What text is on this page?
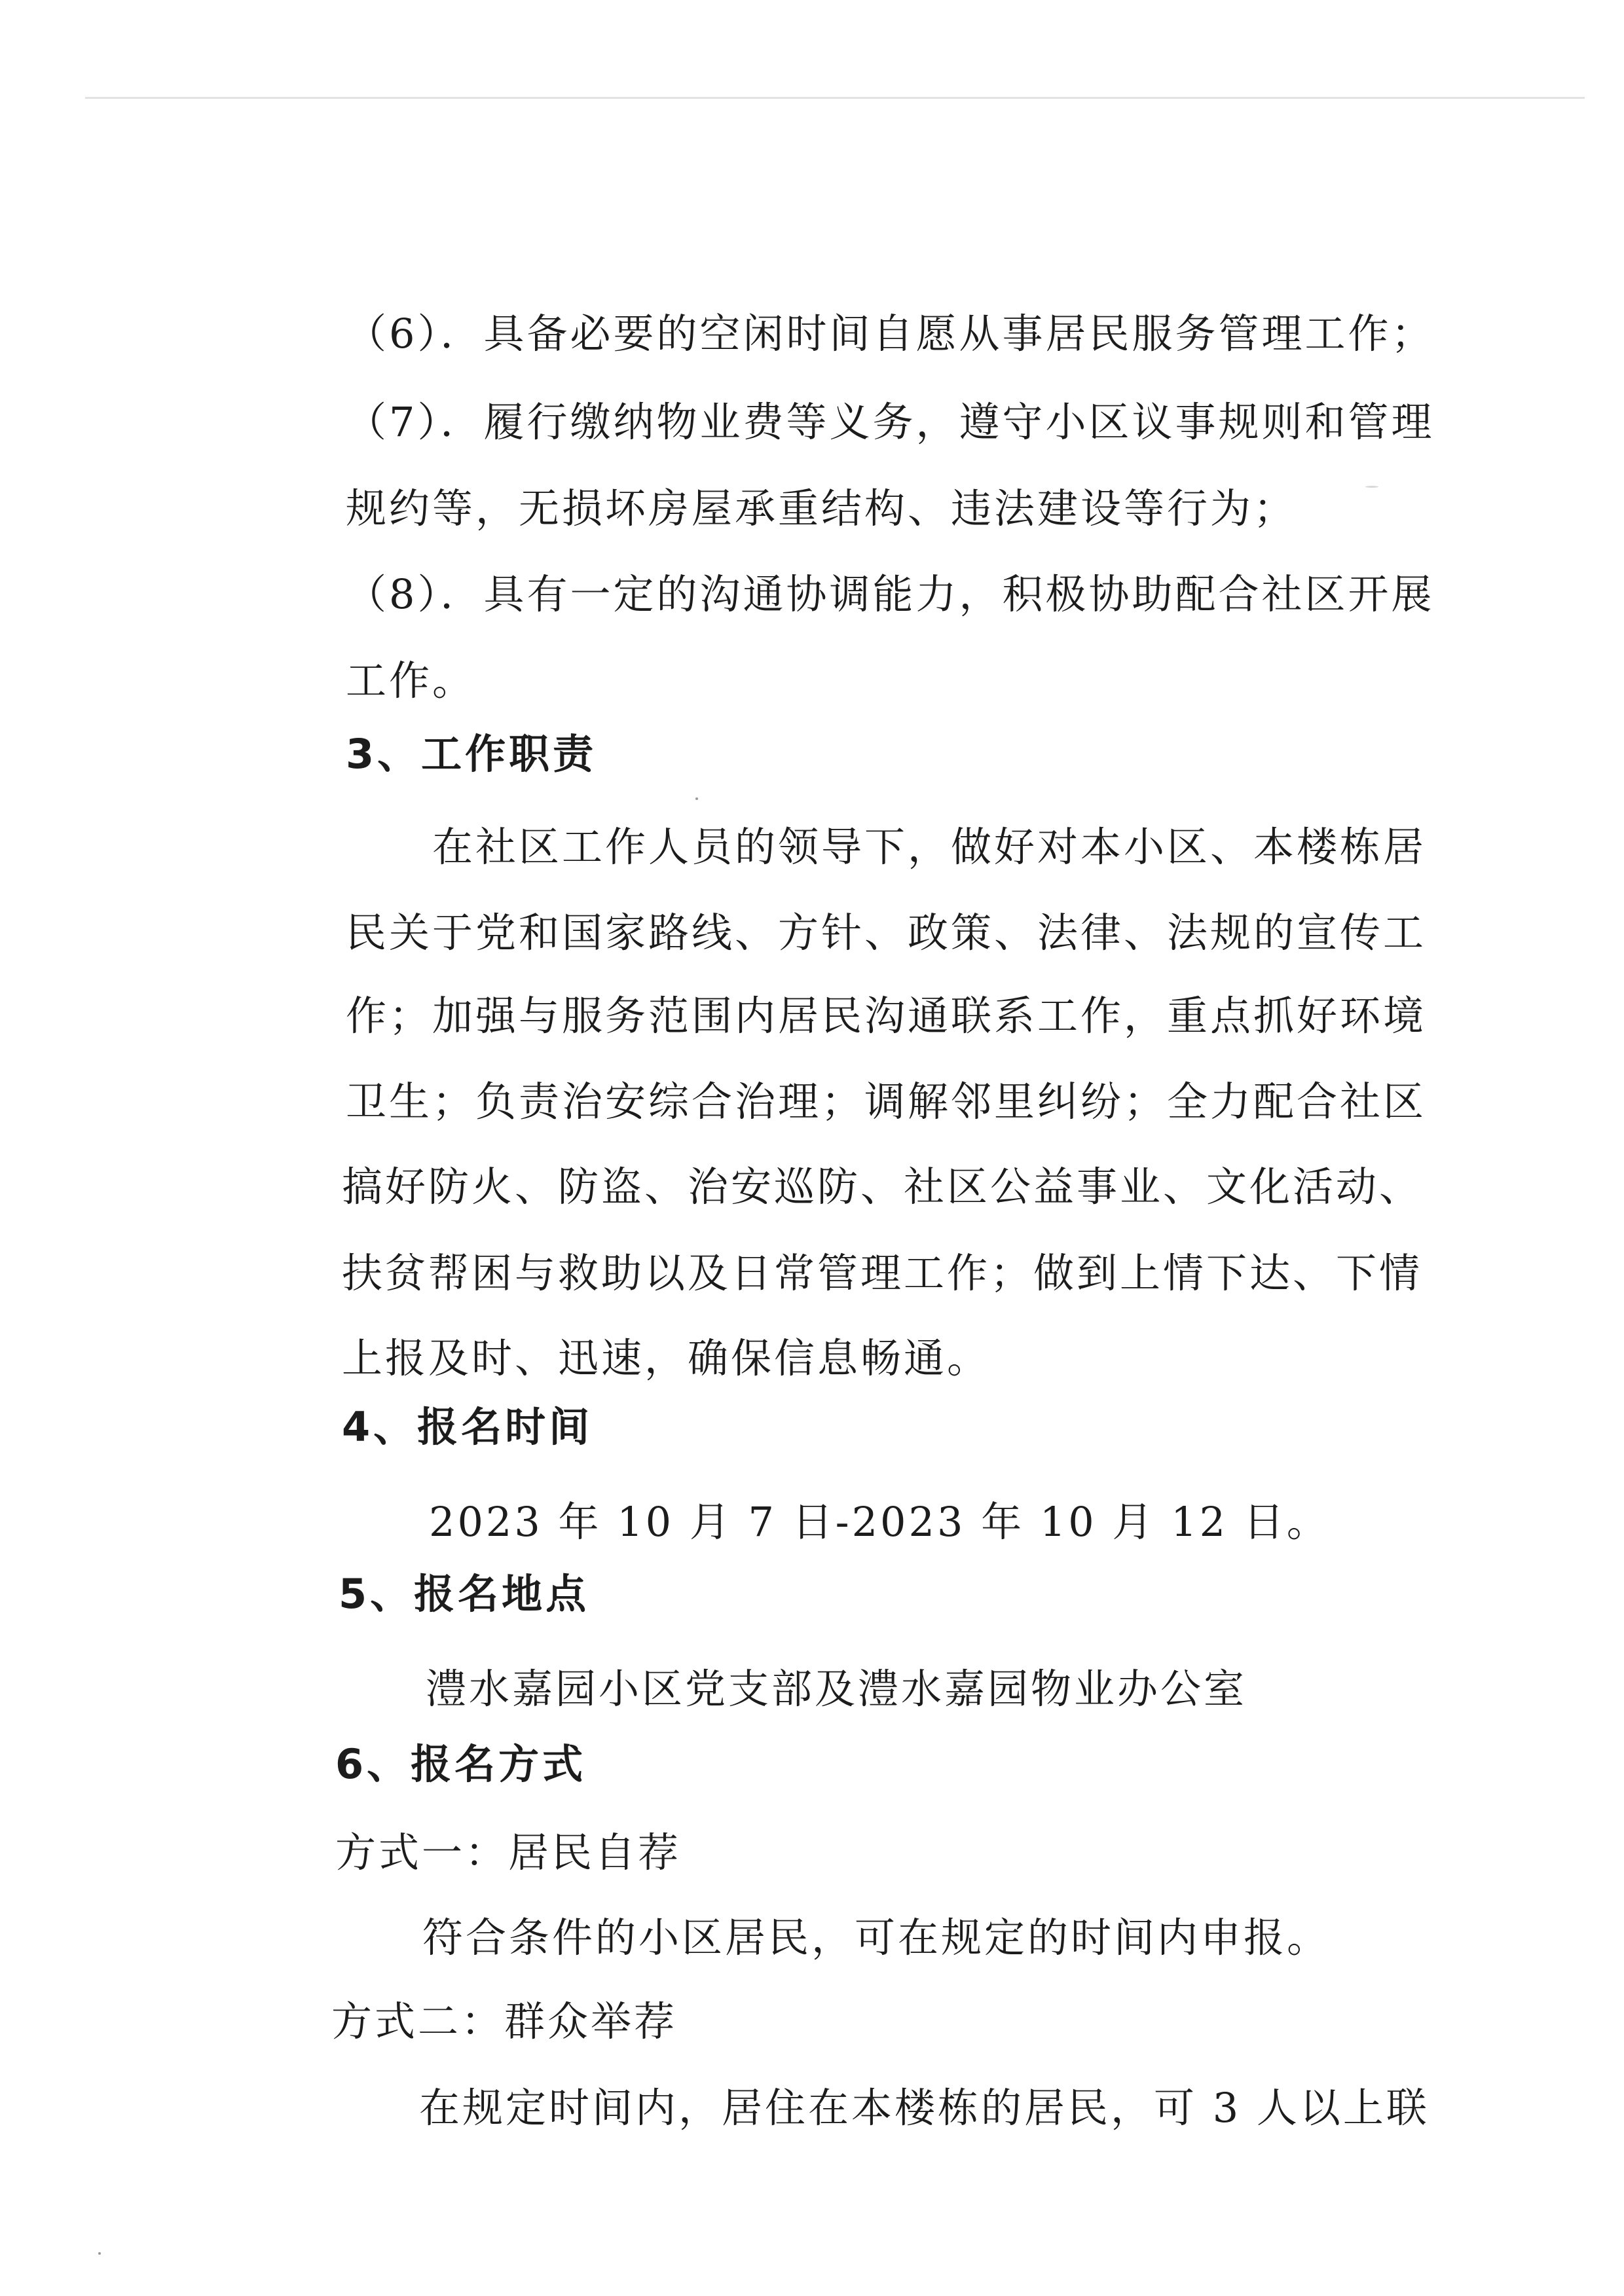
（6）．具备必要的空闲时间自愿从事居民服务管理工作；
（7）．履行缴纳物业费等义务，遵守小区议事规则和管理
规约等，无损坏房屋承重结构、违法建设等行为；
（8）．具有一定的沟通协调能力，积极协助配合社区开展
工作。
3、工作职责
在社区工作人员的领导下，做好对本小区、本楼栋居
民关于党和国家路线、方针、政策、法律、法规的宣传工
作；加强与服务范围内居民沟通联系工作，重点抓好环境
卫生；负责治安综合治理；调解邻里纠纷；全力配合社区
搞好防火、防盗、治安巡防、社区公益事业、文化活动、
扶贫帮困与救助以及日常管理工作；做到上情下达、下情
上报及时、迅速，确保信息畅通。
4、报名时间
2023 年 10 月 7 日-2023 年 10 月 12 日。
5、报名地点
澧水嘉园小区党支部及澧水嘉园物业办公室
6、报名方式
方式一：居民自荐
符合条件的小区居民，可在规定的时间内申报。
方式二：群众举荐
在规定时间内，居住在本楼栋的居民，可 3 人以上联
